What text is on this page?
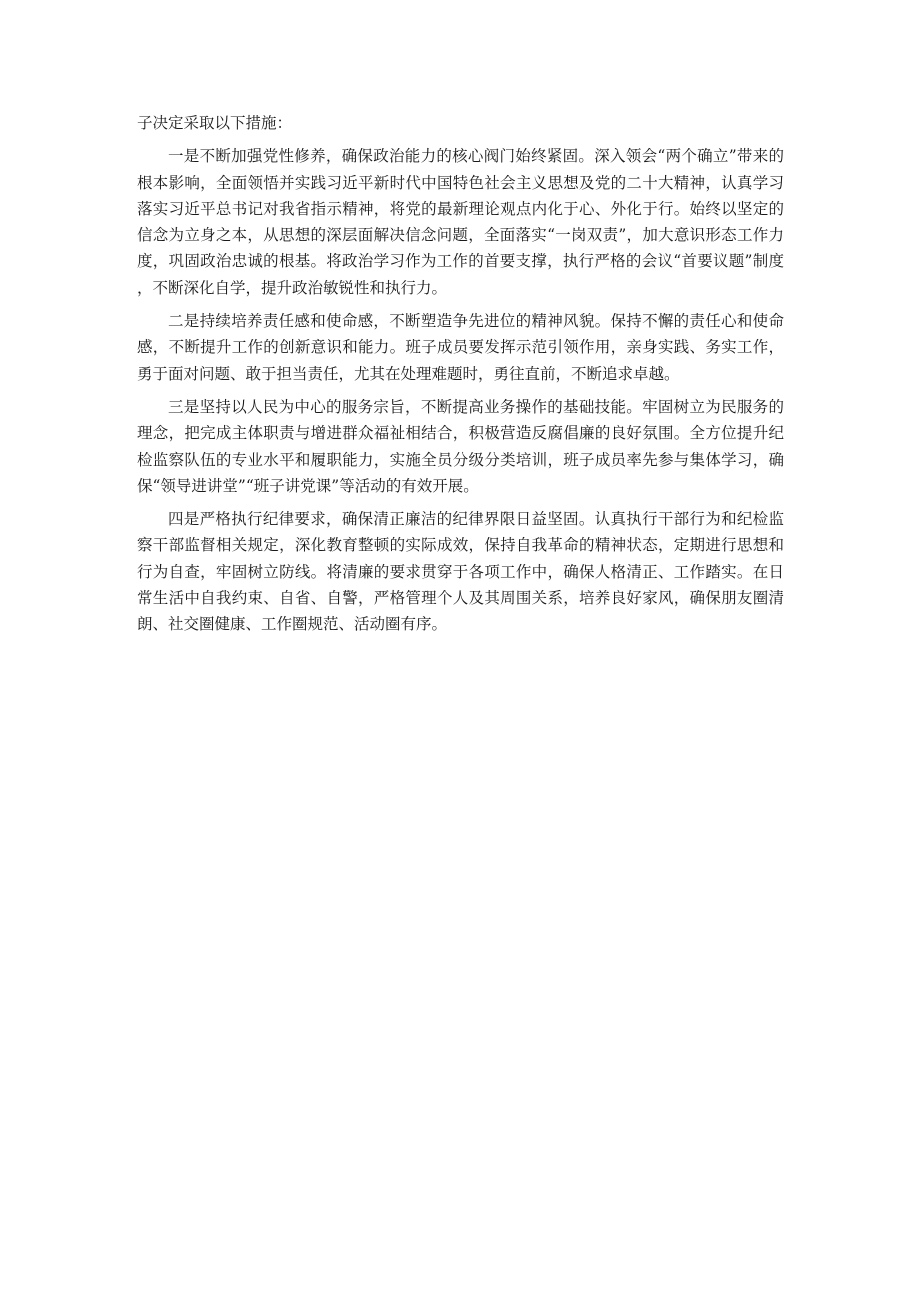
子决定采取以下措施：

一是不断加强党性修养，确保政治能力的核心阀门始终紧固。深入领会“两个确立”带来的根本影响，全面领悟并实践习近平新时代中国特色社会主义思想及党的二十大精神，认真学习落实习近平总书记对我省指示精神，将党的最新理论观点内化于心、外化于行。始终以坚定的信念为立身之本，从思想的深层面解决信念问题，全面落实“一岗双责”，加大意识形态工作力度，巩固政治忠诚的根基。将政治学习作为工作的首要支撑，执行严格的会议“首要议题”制度，不断深化自学，提升政治敏锐性和执行力。

二是持续培养责任感和使命感，不断塑造争先进位的精神风貌。保持不懈的责任心和使命感，不断提升工作的创新意识和能力。班子成员要发挥示范引领作用，亲身实践、务实工作，勇于面对问题、敢于担当责任，尤其在处理难题时，勇往直前，不断追求卓越。

三是坚持以人民为中心的服务宗旨，不断提高业务操作的基础技能。牢固树立为民服务的理念，把完成主体职责与增进群众福祉相结合，积极营造反腐倡廉的良好氛围。全方位提升纪检监察队伍的专业水平和履职能力，实施全员分级分类培训，班子成员率先参与集体学习，确保“领导进讲堂”“班子讲党课”等活动的有效开展。

四是严格执行纪律要求，确保清正廉洁的纪律界限日益坚固。认真执行干部行为和纪检监察干部监督相关规定，深化教育整顿的实际成效，保持自我革命的精神状态，定期进行思想和行为自查，牢固树立防线。将清廉的要求贯穿于各项工作中，确保人格清正、工作踏实。在日常生活中自我约束、自省、自警，严格管理个人及其周围关系，培养良好家风，确保朋友圈清朗、社交圈健康、工作圈规范、活动圈有序。
